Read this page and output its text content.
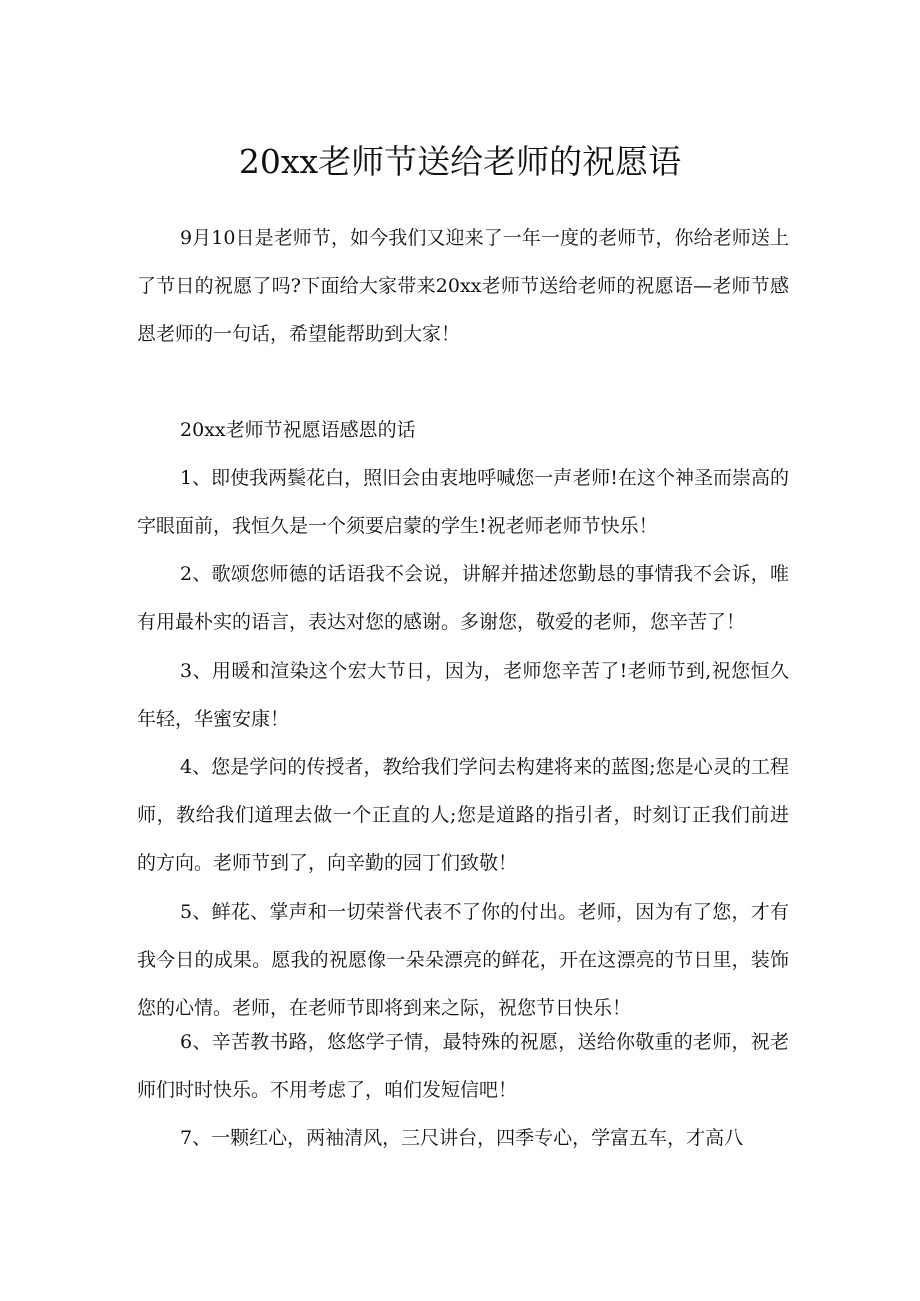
20xx老师节送给老师的祝愿语

9月10日是老师节，如今我们又迎来了一年一度的老师节，你给老师送上了节日的祝愿了吗?下面给大家带来20xx老师节送给老师的祝愿语—老师节感恩老师的一句话，希望能帮助到大家！

20xx老师节祝愿语感恩的话

1、即使我两鬓花白，照旧会由衷地呼喊您一声老师!在这个神圣而崇高的字眼面前，我恒久是一个须要启蒙的学生!祝老师老师节快乐！

2、歌颂您师德的话语我不会说，讲解并描述您勤恳的事情我不会诉，唯有用最朴实的语言，表达对您的感谢。多谢您，敬爱的老师，您辛苦了！

3、用暖和渲染这个宏大节日，因为，老师您辛苦了!老师节到,祝您恒久年轻，华蜜安康！

4、您是学问的传授者，教给我们学问去构建将来的蓝图;您是心灵的工程师，教给我们道理去做一个正直的人;您是道路的指引者，时刻订正我们前进的方向。老师节到了，向辛勤的园丁们致敬！

5、鲜花、掌声和一切荣誉代表不了你的付出。老师，因为有了您，才有我今日的成果。愿我的祝愿像一朵朵漂亮的鲜花，开在这漂亮的节日里，装饰您的心情。老师，在老师节即将到来之际，祝您节日快乐！

6、辛苦教书路，悠悠学子情，最特殊的祝愿，送给你敬重的老师，祝老师们时时快乐。不用考虑了，咱们发短信吧！

7、一颗红心，两袖清风，三尺讲台，四季专心，学富五车，才高八
